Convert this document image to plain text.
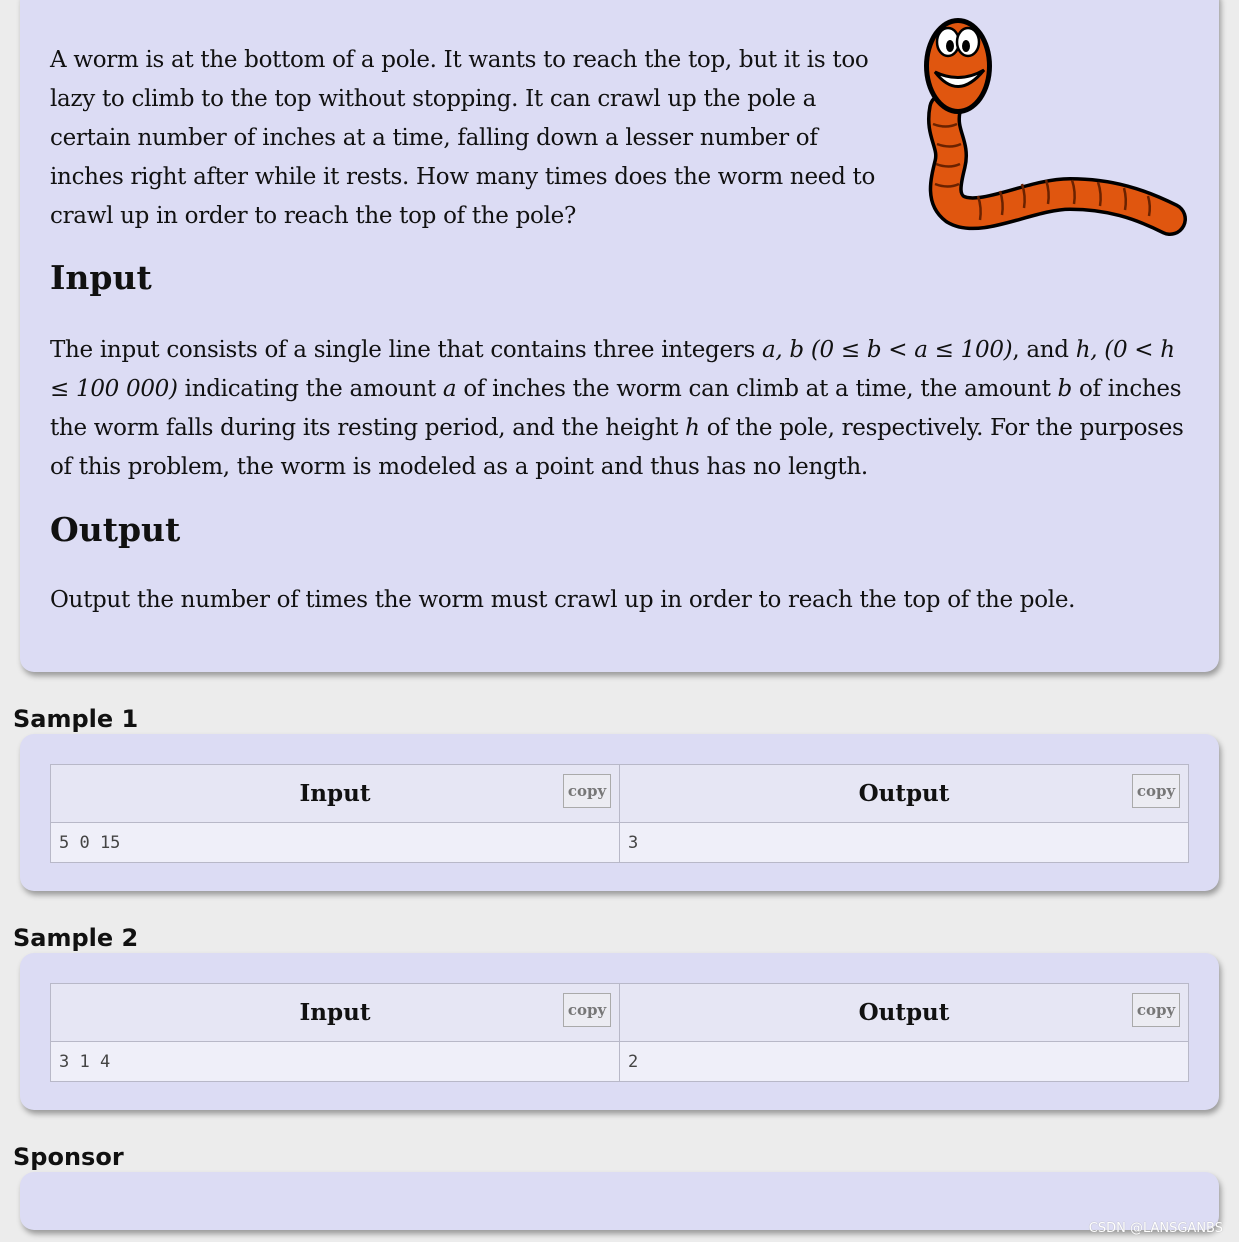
A worm is at the bottom of a pole. It wants to reach the top, but it is too lazy to climb to the top without stopping. It can crawl up the pole a certain number of inches at a time, falling down a lesser number of inches right after while it rests. How many times does the worm need to crawl up in order to reach the top of the pole?
Input
The input consists of a single line that contains three integers a, b (0 ≤ b < a ≤ 100), and h, (0 < h ≤ 100 000) indicating the amount a of inches the worm can climb at a time, the amount b of inches the worm falls during its resting period, and the height h of the pole, respectively. For the purposes of this problem, the worm is modeled as a point and thus has no length.
Output
Output the number of times the worm must crawl up in order to reach the top of the pole.
Sample 1
Input copy	Output copy

5 0 15	3
Sample 2
Input copy	Output copy

3 1 4	2
Sponsor
CSDN @LANSGANBS
